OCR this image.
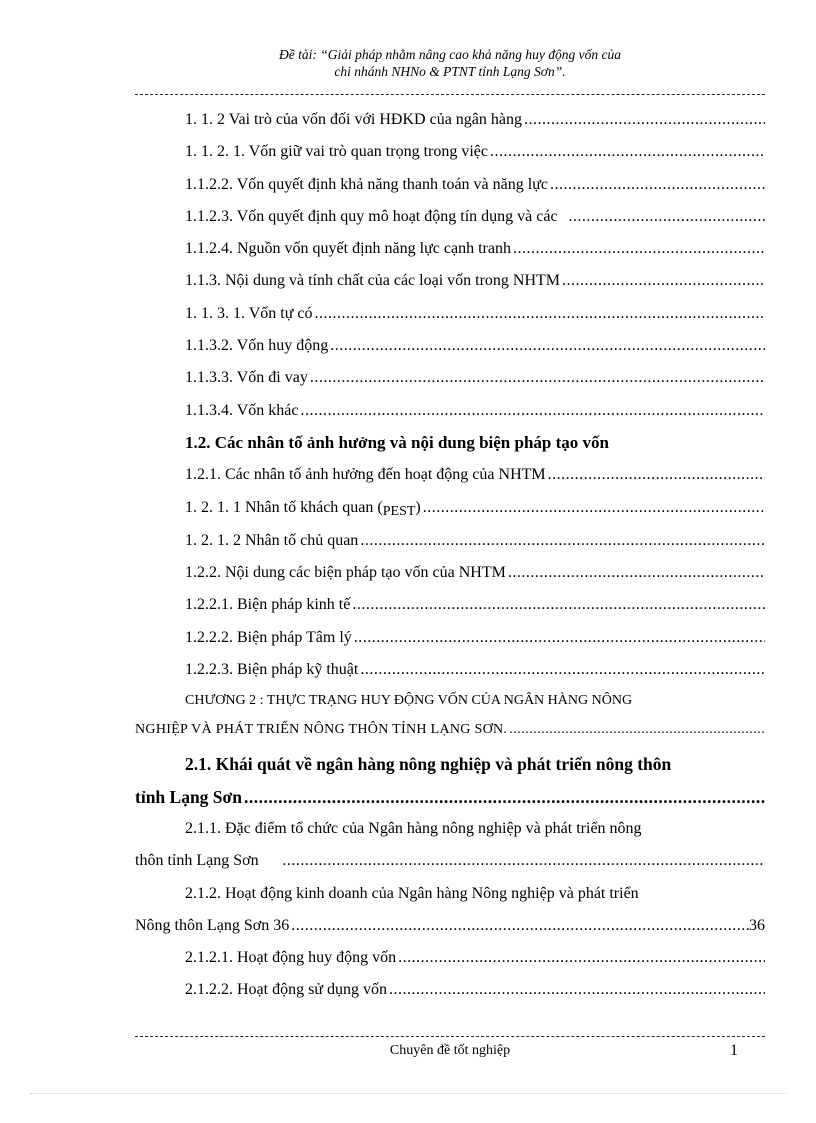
Đề tài: “Giải pháp nhằm nâng cao khả năng huy động vốn của
chi nhánh NHNo & PTNT tỉnh Lạng Sơn”.
1. 1. 2 Vai trò của vốn đối với HĐKD của ngân hàng
.....
1. 1. 2. 1. Vốn giữ vai trò quan trọng trong việc
.....
1.1.2.2. Vốn quyết định khả năng thanh toán và năng lực
.....
1.1.2.3. Vốn quyết định quy mô hoạt động tín dụng và các
.....
1.1.2.4. Nguồn vốn quyết định năng lực cạnh tranh
.....
1.1.3. Nội dung và tính chất của các loại vốn trong NHTM
.....
1. 1. 3. 1. Vốn tự có
.....
1.1.3.2. Vốn huy động
.....
1.1.3.3. Vốn đi vay
.....
1.1.3.4. Vốn khác
.....
1.2. Các nhân tố ảnh hưởng và nội dung biện pháp tạo vốn
1.2.1. Các nhân tố ảnh hưởng đến hoạt động của NHTM
.....
1. 2. 1. 1 Nhân tố khách quan (PEST)
.....
1. 2. 1. 2 Nhân tố chủ quan
.....
1.2.2. Nội dung các biện pháp tạo vốn của NHTM
.....
1.2.2.1. Biện pháp kinh tế
.....
1.2.2.2. Biện pháp Tâm lý
.....
1.2.2.3. Biện pháp kỹ thuật
.....
CHƯƠNG 2 : THỰC TRẠNG HUY ĐỘNG VỐN CỦA NGÂN HÀNG NÔNG
NGHIỆP VÀ PHÁT TRIỂN NÔNG THÔN TỈNH LẠNG SƠN.
.....
2.1. Khái quát về ngân hàng nông nghiệp và phát triển nông thôn
tỉnh Lạng Sơn
.....
2.1.1. Đặc điểm tổ chức của Ngân hàng nông nghiệp và phát triển nông
thôn tỉnh Lạng Sơn
.....
2.1.2. Hoạt động kinh doanh của Ngân hàng Nông nghiệp và phát triển
Nông thôn Lạng Sơn 36
.....	36
2.1.2.1. Hoạt động huy động vốn
.....
2.1.2.2. Hoạt động sử dụng vốn
.....
Chuyên đề tốt nghiệp	1
